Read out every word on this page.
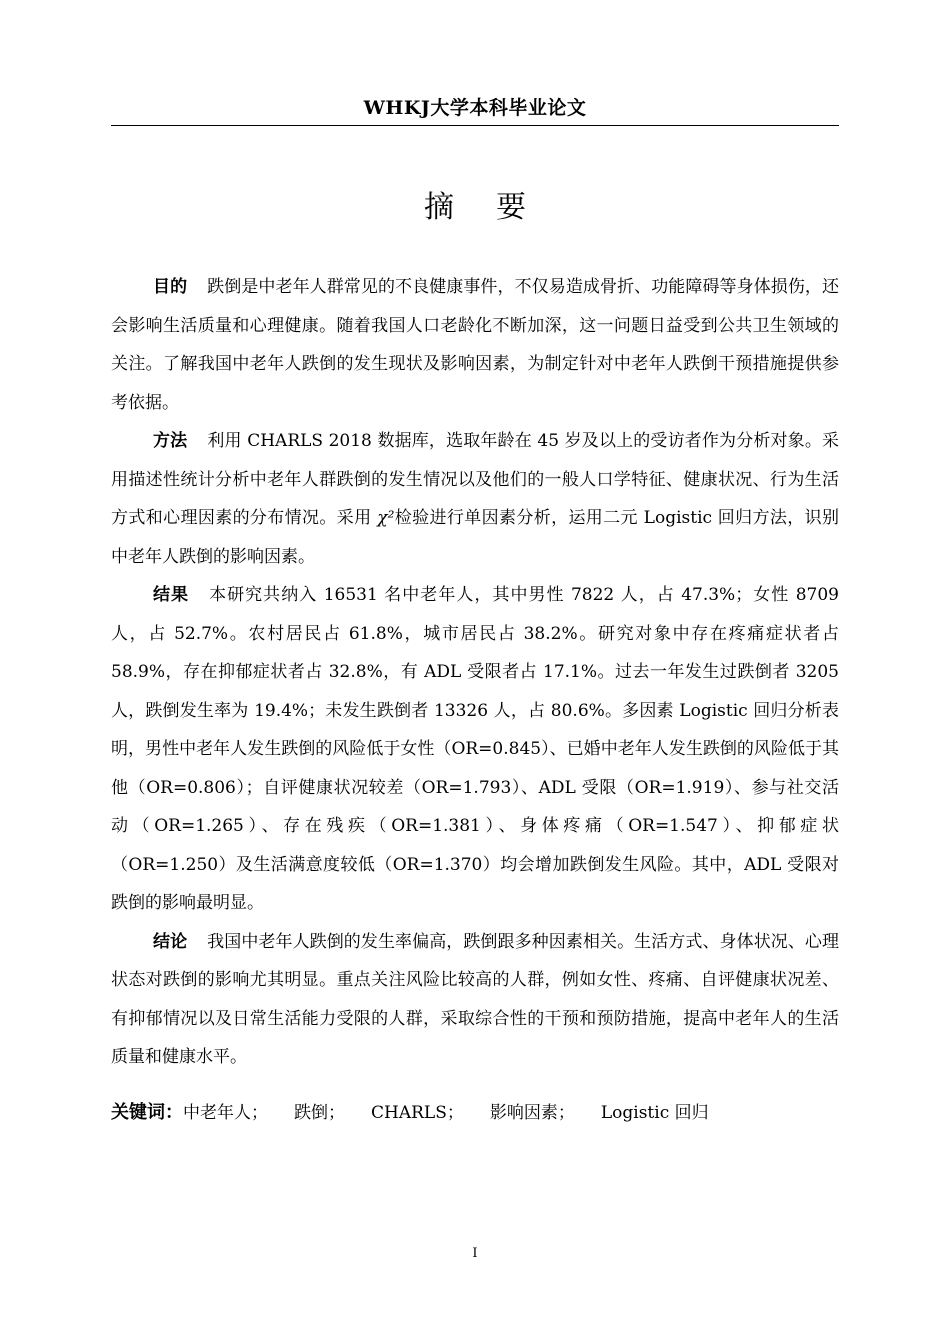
WHKJ大学本科毕业论文
摘要

目的 跌倒是中老年人群常见的不良健康事件，不仅易造成骨折、功能障碍等身体损伤，还会影响生活质量和心理健康。随着我国人口老龄化不断加深，这一问题日益受到公共卫生领域的关注。了解我国中老年人跌倒的发生现状及影响因素，为制定针对中老年人跌倒干预措施提供参考依据。

方法 利用 CHARLS 2018 数据库，选取年龄在 45 岁及以上的受访者作为分析对象。采用描述性统计分析中老年人群跌倒的发生情况以及他们的一般人口学特征、健康状况、行为生活方式和心理因素的分布情况。采用 χ²检验进行单因素分析，运用二元 Logistic 回归方法，识别中老年人跌倒的影响因素。

结果 本研究共纳入 16531 名中老年人，其中男性 7822 人，占 47.3%；女性 8709 人，占 52.7%。农村居民占 61.8%，城市居民占 38.2%。研究对象中存在疼痛症状者占 58.9%，存在抑郁症状者占 32.8%，有 ADL 受限者占 17.1%。过去一年发生过跌倒者 3205 人，跌倒发生率为 19.4%；未发生跌倒者 13326 人，占 80.6%。多因素 Logistic 回归分析表明，男性中老年人发生跌倒的风险低于女性（OR=0.845）、已婚中老年人发生跌倒的风险低于其他（OR=0.806）；自评健康状况较差（OR=1.793）、ADL 受限（OR=1.919）、参与社交活动（OR=1.265）、存在残疾（OR=1.381）、身体疼痛（OR=1.547）、抑郁症状（OR=1.250）及生活满意度较低（OR=1.370）均会增加跌倒发生风险。其中，ADL 受限对跌倒的影响最明显。

结论 我国中老年人跌倒的发生率偏高，跌倒跟多种因素相关。生活方式、身体状况、心理状态对跌倒的影响尤其明显。重点关注风险比较高的人群，例如女性、疼痛、自评健康状况差、有抑郁情况以及日常生活能力受限的人群，采取综合性的干预和预防措施，提高中老年人的生活质量和健康水平。

关键词：中老年人； 跌倒； CHARLS； 影响因素； Logistic 回归
I
